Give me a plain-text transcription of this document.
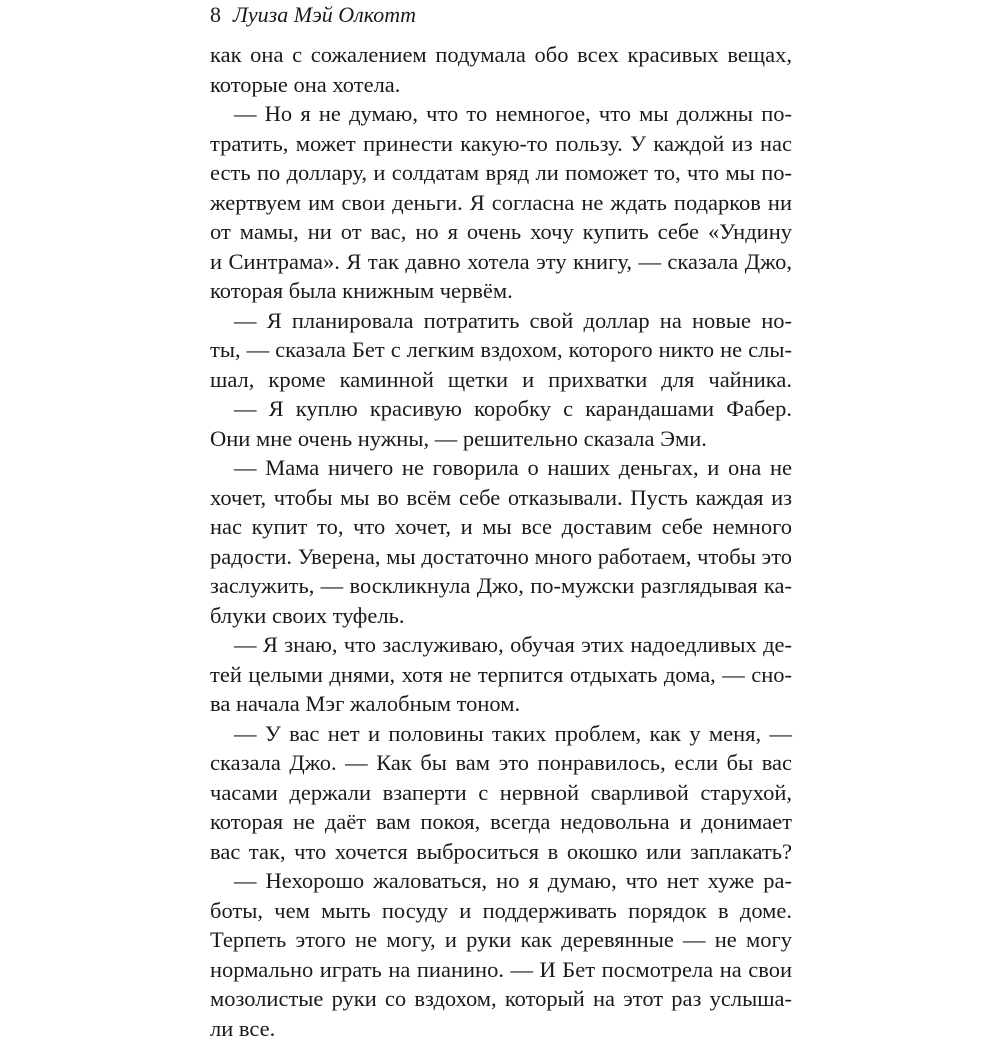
8 Луиза Мэй Олкотт
как она с сожалением подумала обо всех красивых вещах,
которые она хотела.
— Но я не думаю, что то немногое, что мы должны по-
тратить, может принести какую-то пользу. У каждой из нас
есть по доллару, и солдатам вряд ли поможет то, что мы по-
жертвуем им свои деньги. Я согласна не ждать подарков ни
от мамы, ни от вас, но я очень хочу купить себе «Ундину
и Синтрама». Я так давно хотела эту книгу, — сказала Джо,
которая была книжным червём.
— Я планировала потратить свой доллар на новые но-
ты, — сказала Бет с легким вздохом, которого никто не слы-
шал, кроме каминной щетки и прихватки для чайника.
— Я куплю красивую коробку с карандашами Фабер.
Они мне очень нужны, — решительно сказала Эми.
— Мама ничего не говорила о наших деньгах, и она не
хочет, чтобы мы во всём себе отказывали. Пусть каждая из
нас купит то, что хочет, и мы все доставим себе немного
радости. Уверена, мы достаточно много работаем, чтобы это
заслужить, — воскликнула Джо, по-мужски разглядывая ка-
блуки своих туфель.
— Я знаю, что заслуживаю, обучая этих надоедливых де-
тей целыми днями, хотя не терпится отдыхать дома, — сно-
ва начала Мэг жалобным тоном.
— У вас нет и половины таких проблем, как у меня, —
сказала Джо. — Как бы вам это понравилось, если бы вас
часами держали взаперти с нервной сварливой старухой,
которая не даёт вам покоя, всегда недовольна и донимает
вас так, что хочется выброситься в окошко или заплакать?
— Нехорошо жаловаться, но я думаю, что нет хуже ра-
боты, чем мыть посуду и поддерживать порядок в доме.
Терпеть этого не могу, и руки как деревянные — не могу
нормально играть на пианино. — И Бет посмотрела на свои
мозолистые руки со вздохом, который на этот раз услыша-
ли все.
